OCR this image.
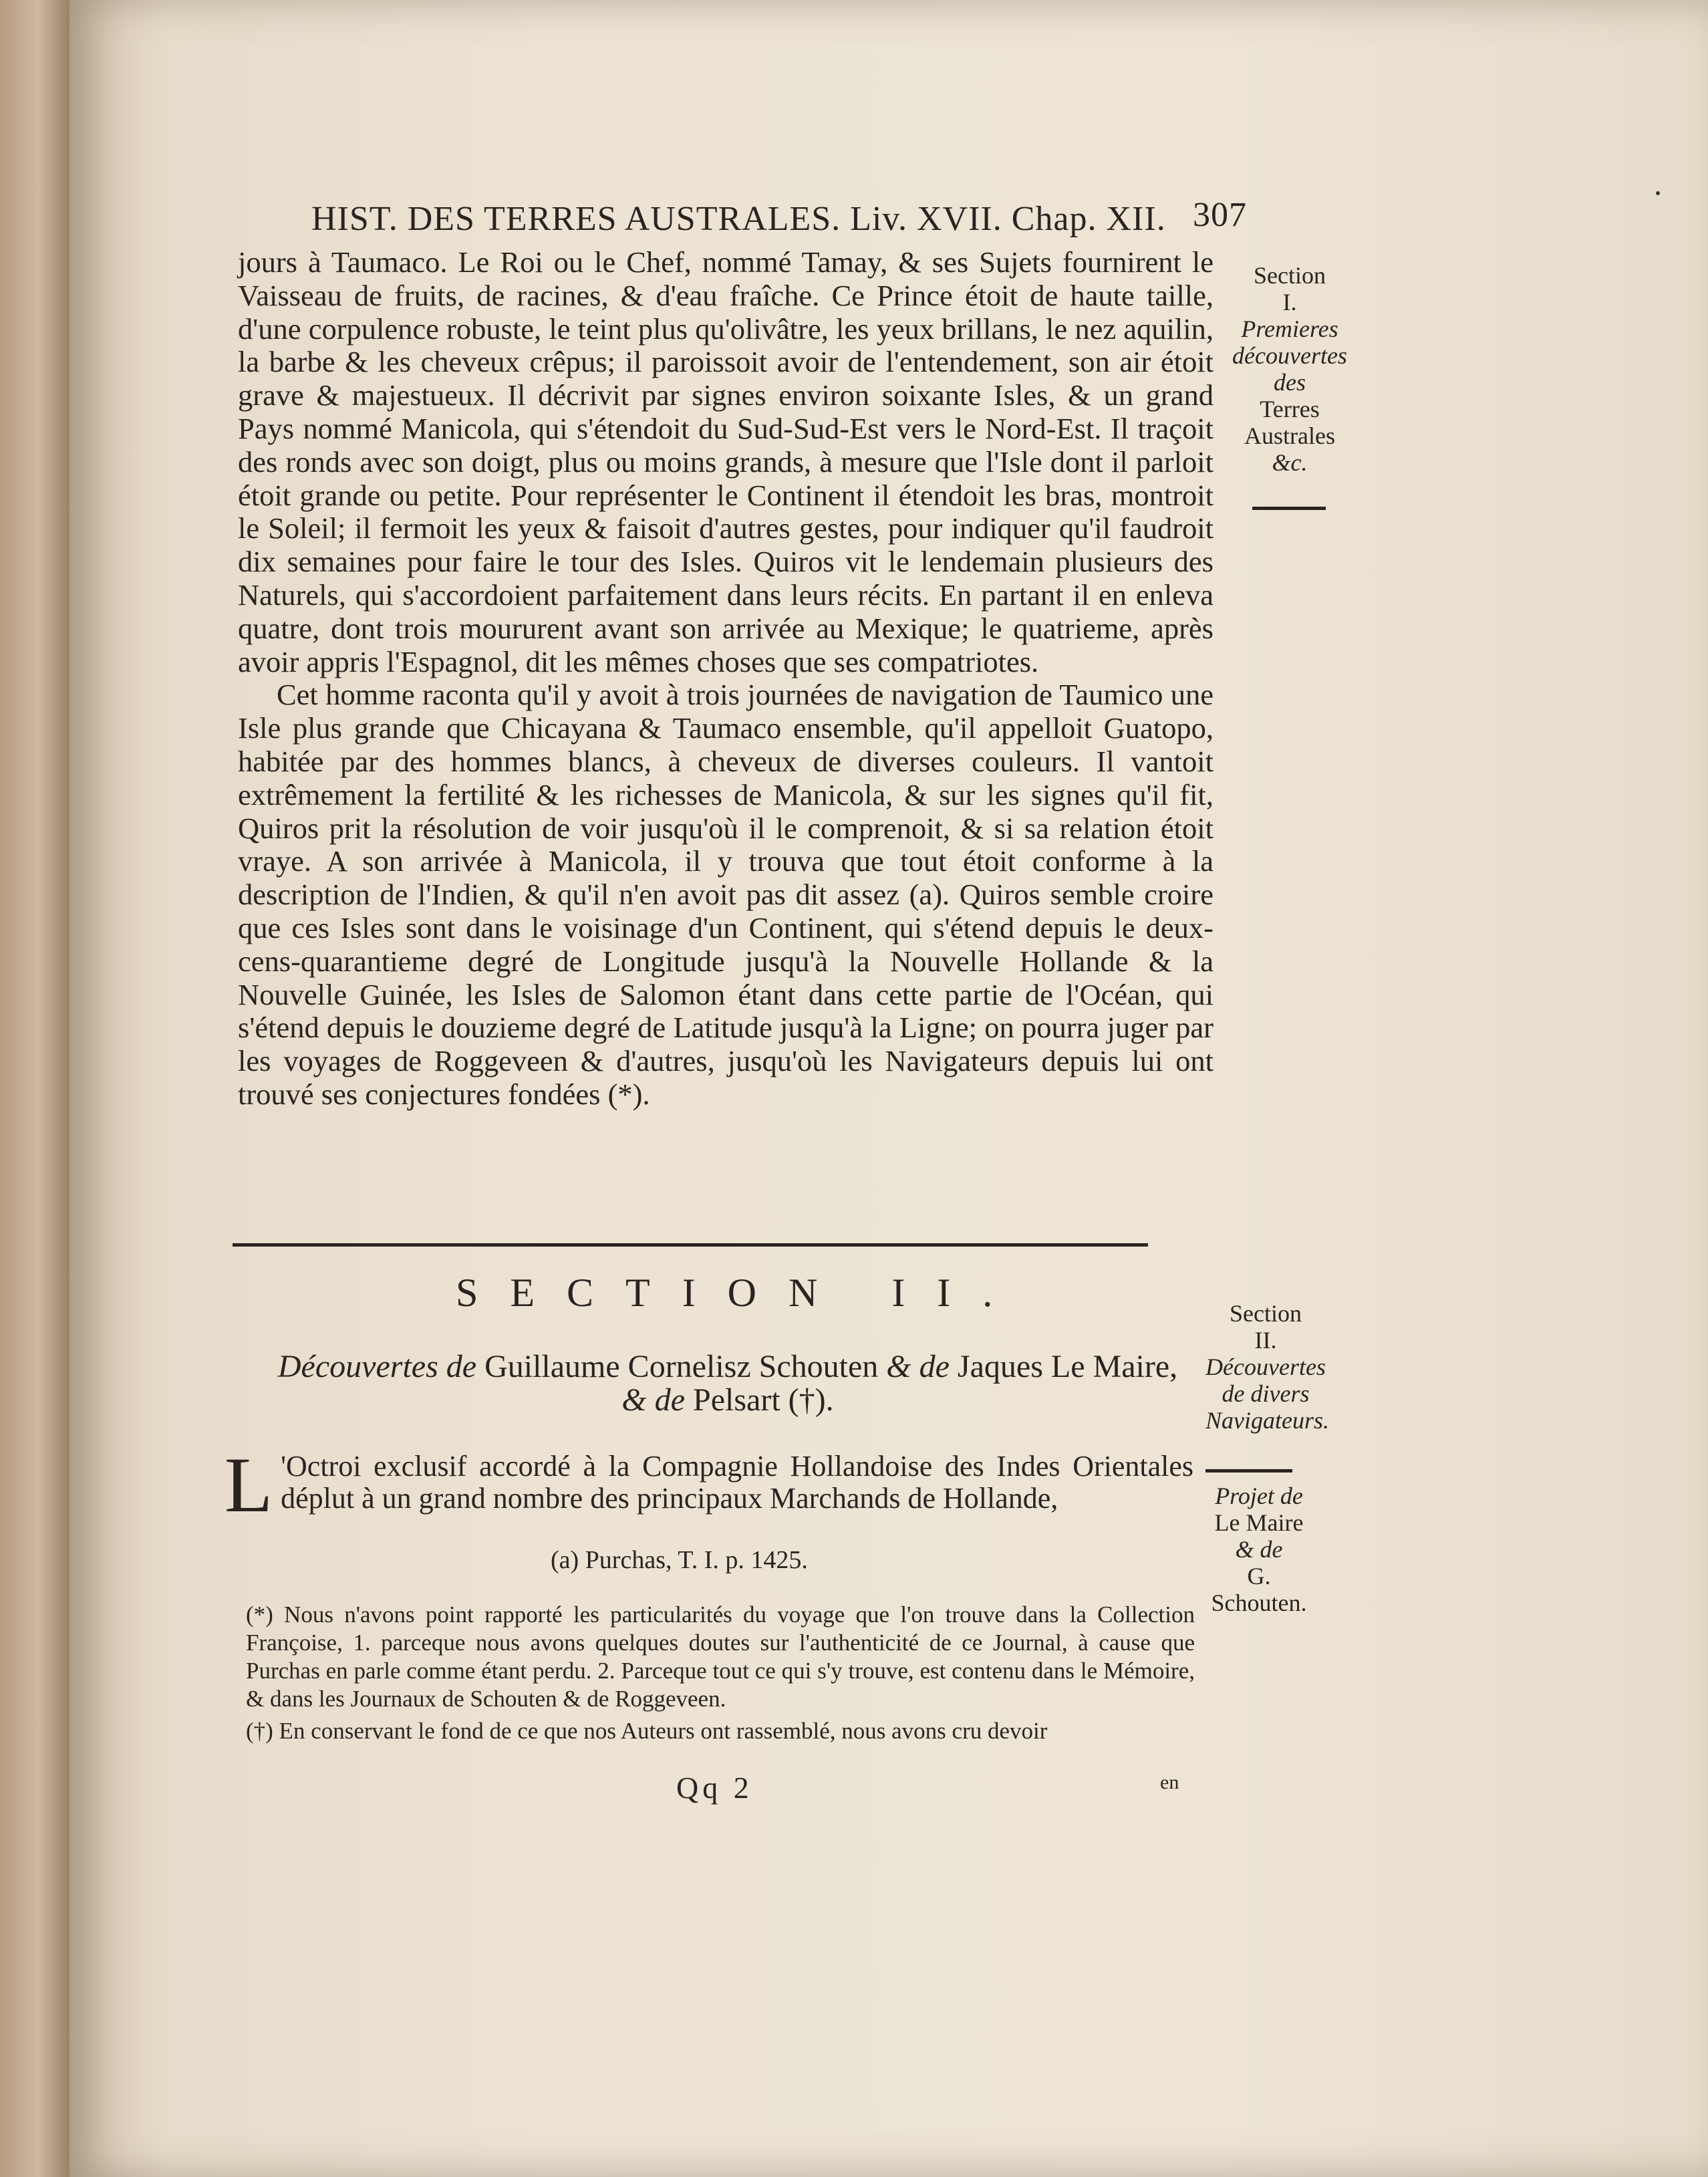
HIST. DES TERRES AUSTRALES. Liv. XVII. Chap. XII. 307

jours à Taumaco. Le Roi ou le Chef, nommé Tamay, & ses Sujets fournirent le Vaisseau de fruits, de racines, & d'eau fraîche. Ce Prince étoit de haute taille, d'une corpulence robuste, le teint plus qu'olivâtre, les yeux brillans, le nez aquilin, la barbe & les cheveux crêpus; il paroissoit avoir de l'entendement, son air étoit grave & majestueux. Il décrivit par signes environ soixante Isles, & un grand Pays nommé Manicola, qui s'étendoit du Sud-Sud-Est vers le Nord-Est. Il traçoit des ronds avec son doigt, plus ou moins grands, à mesure que l'Isle dont il parloit étoit grande ou petite. Pour représenter le Continent il étendoit les bras, montroit le Soleil; il fermoit les yeux & faisoit d'autres gestes, pour indiquer qu'il faudroit dix semaines pour faire le tour des Isles. Quiros vit le lendemain plusieurs des Naturels, qui s'accordoient parfaitement dans leurs récits. En partant il en enleva quatre, dont trois moururent avant son arrivée au Mexique; le quatrieme, après avoir appris l'Espagnol, dit les mêmes choses que ses compatriotes.

Cet homme raconta qu'il y avoit à trois journées de navigation de Taumico une Isle plus grande que Chicayana & Taumaco ensemble, qu'il appelloit Guatopo, habitée par des hommes blancs, à cheveux de diverses couleurs. Il vantoit extrêmement la fertilité & les richesses de Manicola, & sur les signes qu'il fit, Quiros prit la résolution de voir jusqu'où il le comprenoit, & si sa relation étoit vraye. A son arrivée à Manicola, il y trouva que tout étoit conforme à la description de l'Indien, & qu'il n'en avoit pas dit assez (a). Quiros semble croire que ces Isles sont dans le voisinage d'un Continent, qui s'étend depuis le deux-cens-quarantieme degré de Longitude jusqu'à la Nouvelle Hollande & la Nouvelle Guinée, les Isles de Salomon étant dans cette partie de l'Océan, qui s'étend depuis le douzieme degré de Latitude jusqu'à la Ligne; on pourra juger par les voyages de Roggeveen & d'autres, jusqu'où les Navigateurs depuis lui ont trouvé ses conjectures fondées (*).

Section
I.
Premieres découvertes des
Terres Australes
&c.
SECTION II.
Découvertes de Guillaume Cornelisz Schouten & de Jaques Le Maire,
& de Pelsart (†).
Section
II.
Découvertes de divers Navigateurs.
L 'Octroi exclusif accordé à la Compagnie Hollandoise des Indes Orientales déplut à un grand nombre des principaux Marchands de Hollande,	Projet de
Le Maire
& de
G. Schouten.
(a) Purchas, T. I. p. 1425.

(*) Nous n'avons point rapporté les particularités du voyage que l'on trouve dans la Collection Françoise, 1. parceque nous avons quelques doutes sur l'authenticité de ce Journal, à cause que Purchas en parle comme étant perdu. 2. Parceque tout ce qui s'y trouve, est contenu dans le Mémoire, & dans les Journaux de Schouten & de Roggeveen.

(†) En conservant le fond de ce que nos Auteurs ont rassemblé, nous avons cru devoir

Qq 2	en
